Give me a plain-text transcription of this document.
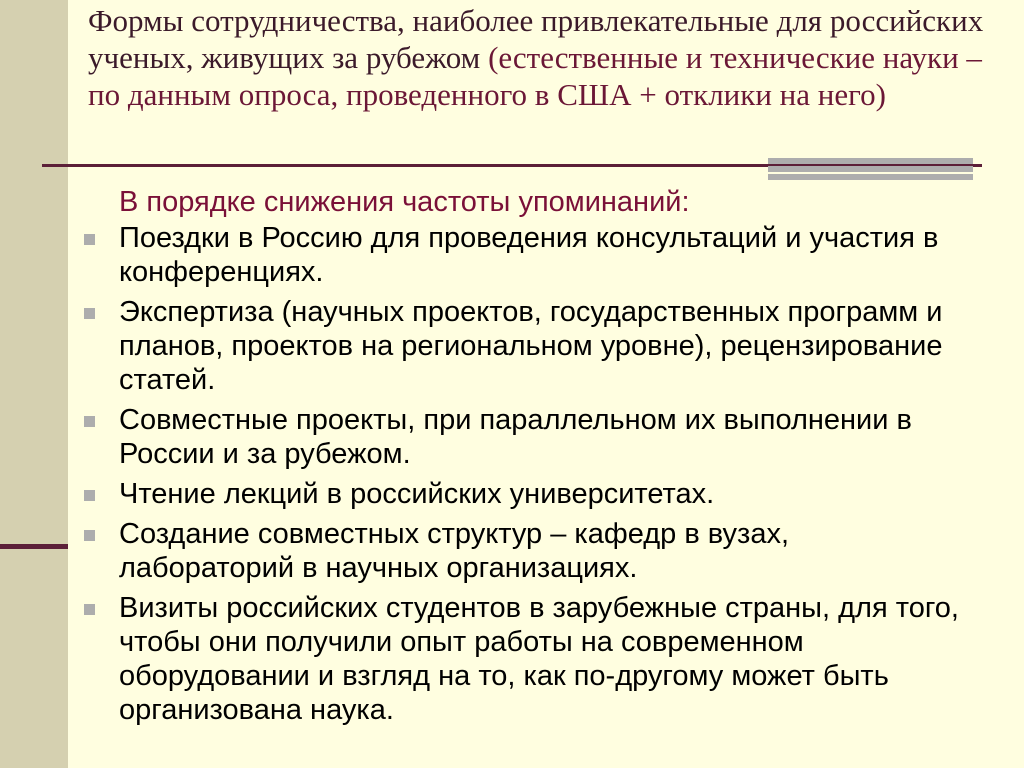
Формы сотрудничества, наиболее привлекательные для российских ученых, живущих за рубежом (естественные и технические науки – по данным опроса, проведенного в США + отклики на него)
В порядке снижения частоты упоминаний:
Поездки в Россию для проведения консультаций и участия в конференциях.
Экспертиза (научных проектов, государственных программ и планов, проектов на региональном уровне), рецензирование статей.
Совместные проекты, при параллельном их выполнении в России и за рубежом.
Чтение лекций в российских университетах.
Создание совместных структур – кафедр в вузах, лабораторий в научных организациях.
Визиты российских студентов в зарубежные страны, для того, чтобы они получили опыт работы на современном оборудовании и взгляд на то, как по-другому может быть организована наука.
